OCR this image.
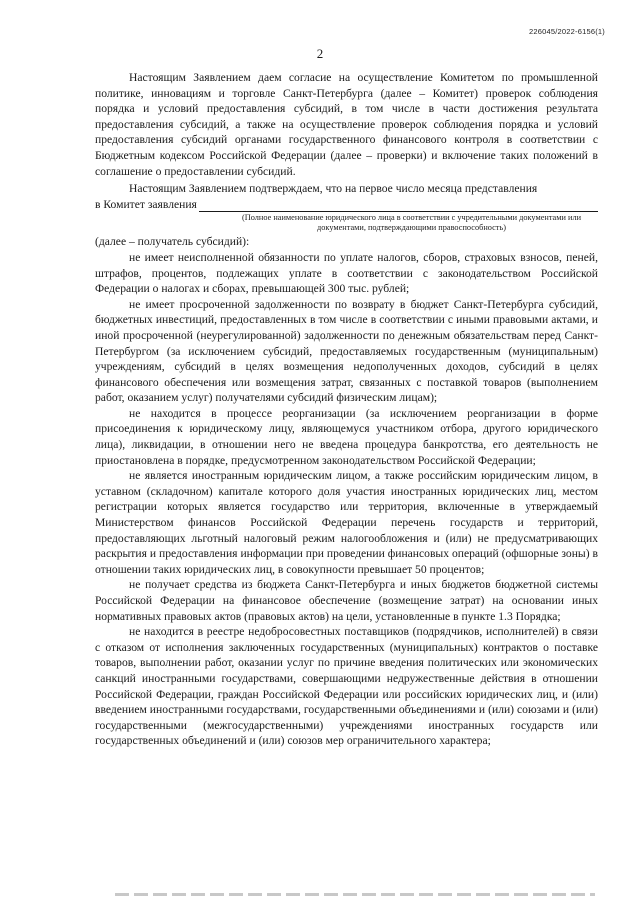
226045/2022-6156(1)
2

Настоящим Заявлением даем согласие на осуществление Комитетом по промышленной политике, инновациям и торговле Санкт-Петербурга (далее – Комитет) проверок соблюдения порядка и условий предоставления субсидий, в том числе в части достижения результата предоставления субсидий, а также на осуществление проверок соблюдения порядка и условий предоставления субсидий органами государственного финансового контроля в соответствии с Бюджетным кодексом Российской Федерации (далее – проверки) и включение таких положений в соглашение о предоставлении субсидий.

Настоящим Заявлением подтверждаем, что на первое число месяца представления

в Комитет заявления

(Полное наименование юридического лица в соответствии с учредительными документами или документами, подтверждающими правоспособность)

(далее – получатель субсидий):

не имеет неисполненной обязанности по уплате налогов, сборов, страховых взносов, пеней, штрафов, процентов, подлежащих уплате в соответствии с законодательством Российской Федерации о налогах и сборах, превышающей 300 тыс. рублей;

не имеет просроченной задолженности по возврату в бюджет Санкт-Петербурга субсидий, бюджетных инвестиций, предоставленных в том числе в соответствии с иными правовыми актами, и иной просроченной (неурегулированной) задолженности по денежным обязательствам перед Санкт-Петербургом (за исключением субсидий, предоставляемых государственным (муниципальным) учреждениям, субсидий в целях возмещения недополученных доходов, субсидий в целях финансового обеспечения или возмещения затрат, связанных с поставкой товаров (выполнением работ, оказанием услуг) получателями субсидий физическим лицам);

не находится в процессе реорганизации (за исключением реорганизации в форме присоединения к юридическому лицу, являющемуся участником отбора, другого юридического лица), ликвидации, в отношении него не введена процедура банкротства, его деятельность не приостановлена в порядке, предусмотренном законодательством Российской Федерации;

не является иностранным юридическим лицом, а также российским юридическим лицом, в уставном (складочном) капитале которого доля участия иностранных юридических лиц, местом регистрации которых является государство или территория, включенные в утверждаемый Министерством финансов Российской Федерации перечень государств и территорий, предоставляющих льготный налоговый режим налогообложения и (или) не предусматривающих раскрытия и предоставления информации при проведении финансовых операций (офшорные зоны) в отношении таких юридических лиц, в совокупности превышает 50 процентов;

не получает средства из бюджета Санкт-Петербурга и иных бюджетов бюджетной системы Российской Федерации на финансовое обеспечение (возмещение затрат) на основании иных нормативных правовых актов (правовых актов) на цели, установленные в пункте 1.3 Порядка;

не находится в реестре недобросовестных поставщиков (подрядчиков, исполнителей) в связи с отказом от исполнения заключенных государственных (муниципальных) контрактов о поставке товаров, выполнении работ, оказании услуг по причине введения политических или экономических санкций иностранными государствами, совершающими недружественные действия в отношении Российской Федерации, граждан Российской Федерации или российских юридических лиц, и (или) введением иностранными государствами, государственными объединениями и (или) союзами и (или) государственными (межгосударственными) учреждениями иностранных государств или государственных объединений и (или) союзов мер ограничительного характера;
